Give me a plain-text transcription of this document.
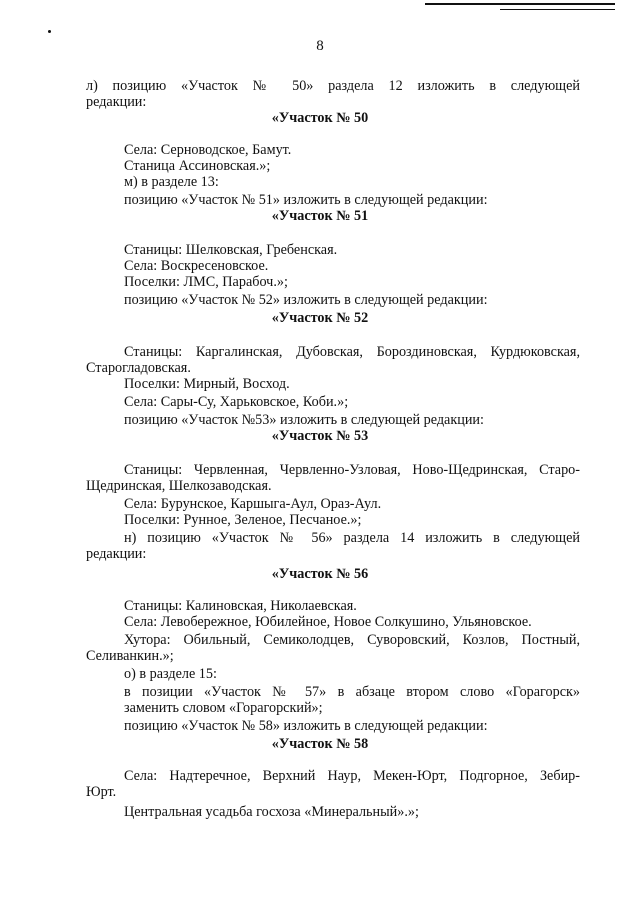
8
л) позицию «Участок № 50» раздела 12 изложить в следующей
редакции:
«Участок № 50
Села: Серноводское, Бамут.
Станица Ассиновская.»;
м) в разделе 13:
позицию «Участок № 51» изложить в следующей редакции:
«Участок № 51
Станицы: Шелковская, Гребенская.
Села: Воскресеновское.
Поселки: ЛМС, Парабоч.»;
позицию «Участок № 52» изложить в следующей редакции:
«Участок № 52
Станицы: Каргалинская, Дубовская, Бороздиновская, Курдюковская,
Старогладовская.
Поселки: Мирный, Восход.
Села: Сары-Су, Харьковское, Коби.»;
позицию «Участок №53» изложить в следующей редакции:
«Участок № 53
Станицы: Червленная, Червленно-Узловая, Ново-Щедринская, Старо-
Щедринская, Шелкозаводская.
Села: Бурунское, Каршыга-Аул, Ораз-Аул.
Поселки: Рунное, Зеленое, Песчаное.»;
н) позицию «Участок № 56» раздела 14 изложить в следующей
редакции:
«Участок № 56
Станицы: Калиновская, Николаевская.
Села: Левобережное, Юбилейное, Новое Солкушино, Ульяновское.
Хутора: Обильный, Семиколодцев, Суворовский, Козлов, Постный,
Селиванкин.»;
о) в разделе 15:
в позиции «Участок № 57» в абзаце втором слово «Горагорск»
заменить словом «Горагорский»;
позицию «Участок № 58» изложить в следующей редакции:
«Участок № 58
Села: Надтеречное, Верхний Наур, Мекен-Юрт, Подгорное, Зебир-
Юрт.
Центральная усадьба госхоза «Минеральный».»;
